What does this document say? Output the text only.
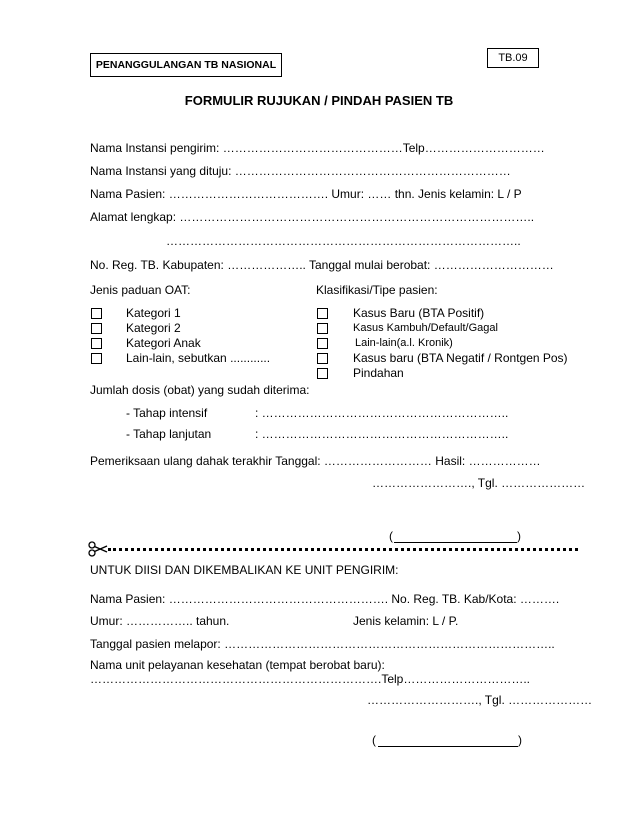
PENANGGULANGAN TB NASIONAL
TB.09
FORMULIR RUJUKAN / PINDAH PASIEN TB
Nama Instansi pengirim: ………………………………………Telp…………………………
Nama Instansi yang dituju: ……………………………………………………………
Nama Pasien: …………………………………. Umur: …… thn. Jenis kelamin: L / P
Alamat lengkap: ……………………………………………………………………………..
……………………………………………………………………………..
No. Reg. TB. Kabupaten: ……………….. Tanggal mulai berobat: …………………………
Jenis paduan OAT:	Klasifikasi/Tipe pasien:
Kategori 1
Kategori 2
Kategori Anak
Lain-lain, sebutkan ............
Kasus Baru (BTA Positif)
Kasus Kambuh/Default/Gagal
Lain-lain(a.l. Kronik)
Kasus baru (BTA Negatif / Rontgen Pos)
Pindahan
Jumlah dosis (obat) yang sudah diterima:
- Tahap intensif	: ……………………………………………………..
- Tahap lanjutan	: ……………………………………………………..
Pemeriksaan ulang dahak terakhir Tanggal: ……………………… Hasil: ………………
……………………., Tgl. …………………
(	)
UNTUK DIISI DAN DIKEMBALIKAN KE UNIT PENGIRIM:
Nama Pasien: ………………………………………………. No. Reg. TB. Kab/Kota: ……….
Umur: …………….. tahun.	Jenis kelamin: L / P.
Tanggal pasien melapor: ………………………………………………………………………..
Nama unit pelayanan kesehatan (tempat berobat baru):
……………………………………………………………….Telp…………………………..
………………………., Tgl. …………………
(	)
